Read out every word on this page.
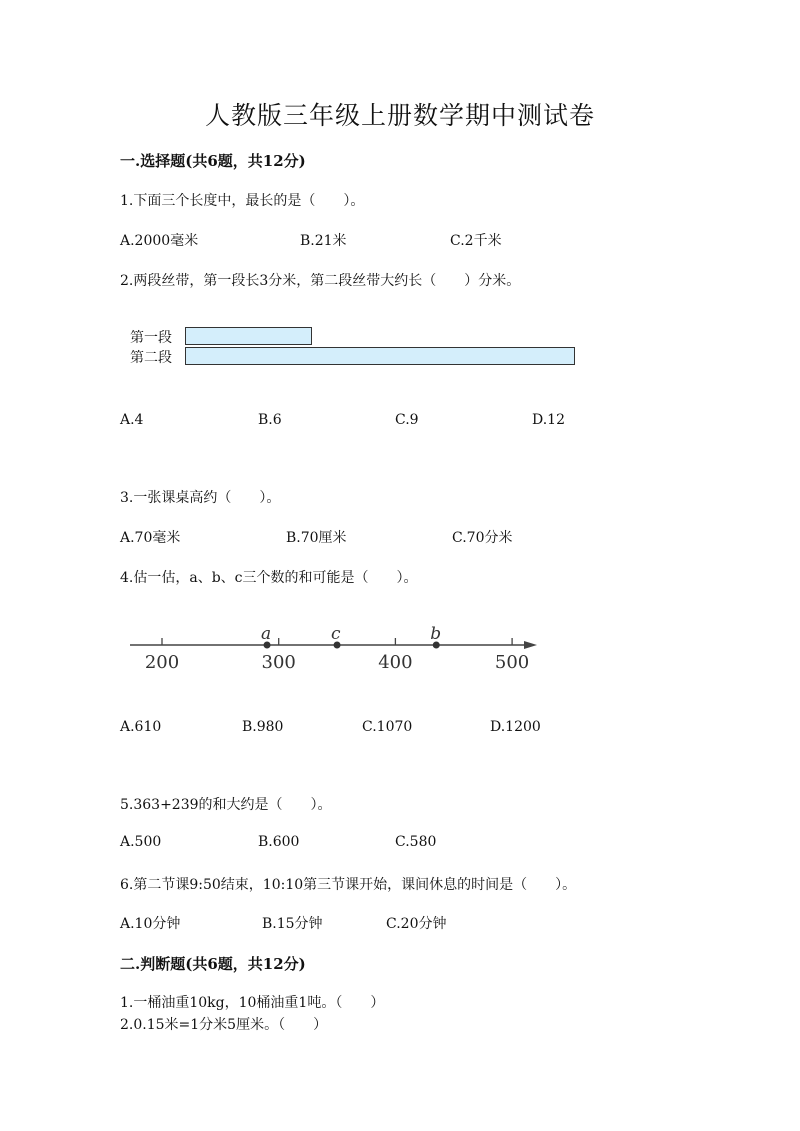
人教版三年级上册数学期中测试卷
一.选择题(共6题，共12分)
1.下面三个长度中，最长的是（　　）。
A.2000毫米	B.21米	C.2千米
2.两段丝带，第一段长3分米，第二段丝带大约长（　　）分米。
第一段
第二段
A.4	B.6	C.9	D.12
3.一张课桌高约（　　）。
A.70毫米	B.70厘米	C.70分米
4.估一估，a、b、c三个数的和可能是（　　）。
200	300	400	500
a	c	b
A.610	B.980	C.1070	D.1200
5.363+239的和大约是（　　）。
A.500	B.600	C.580
6.第二节课9:50结束，10:10第三节课开始，课间休息的时间是（　　）。
A.10分钟	B.15分钟	C.20分钟
二.判断题(共6题，共12分)
1.一桶油重10kg，10桶油重1吨。（　　）
2.0.15米=1分米5厘米。（　　）
